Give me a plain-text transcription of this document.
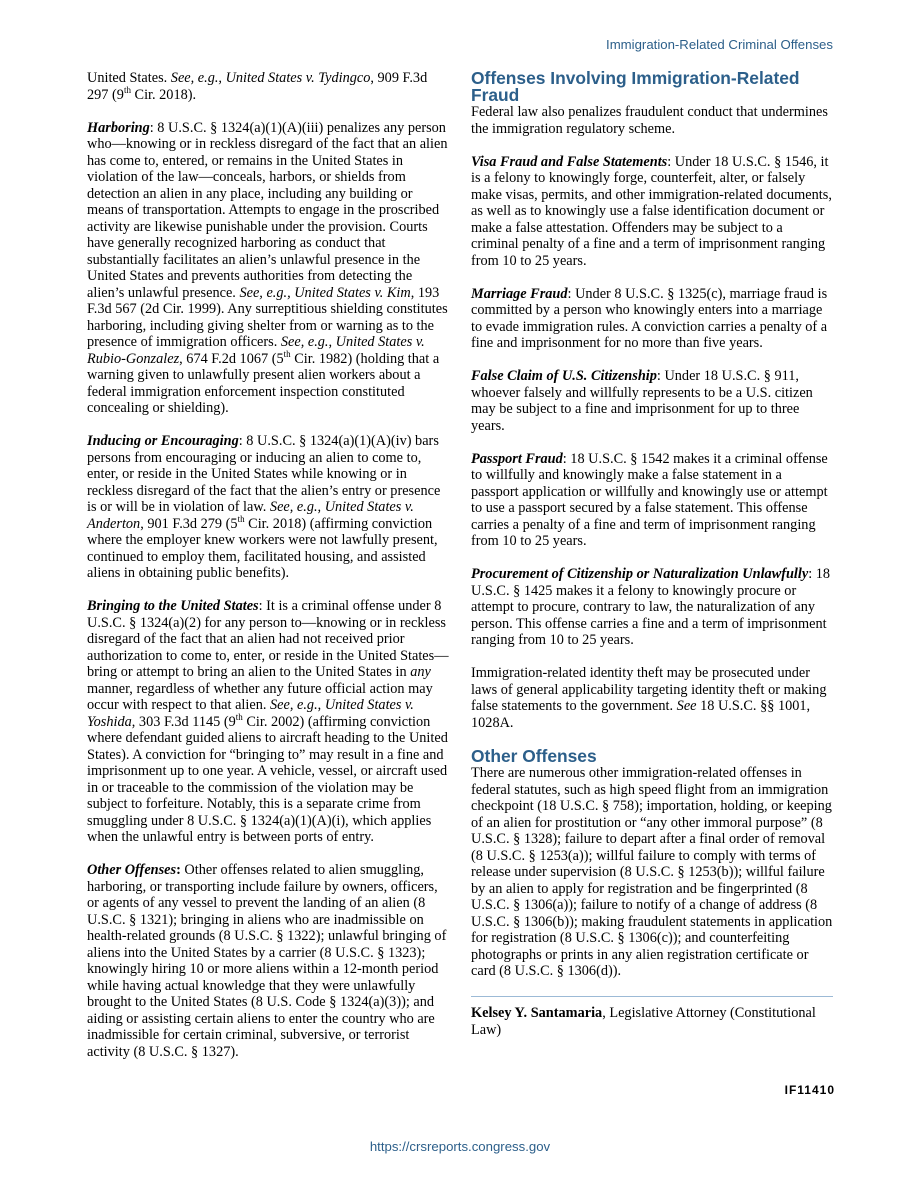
Immigration-Related Criminal Offenses

United States. See, e.g., United States v. Tydingco, 909 F.3d 297 (9th Cir. 2018).

Harboring: 8 U.S.C. § 1324(a)(1)(A)(iii) penalizes any person who—knowing or in reckless disregard of the fact that an alien has come to, entered, or remains in the United States in violation of the law—conceals, harbors, or shields from detection an alien in any place, including any building or means of transportation. Attempts to engage in the proscribed activity are likewise punishable under the provision. Courts have generally recognized harboring as conduct that substantially facilitates an alien’s unlawful presence in the United States and prevents authorities from detecting the alien’s unlawful presence. See, e.g., United States v. Kim, 193 F.3d 567 (2d Cir. 1999). Any surreptitious shielding constitutes harboring, including giving shelter from or warning as to the presence of immigration officers. See, e.g., United States v. Rubio-Gonzalez, 674 F.2d 1067 (5th Cir. 1982) (holding that a warning given to unlawfully present alien workers about a federal immigration enforcement inspection constituted concealing or shielding).

Inducing or Encouraging: 8 U.S.C. § 1324(a)(1)(A)(iv) bars persons from encouraging or inducing an alien to come to, enter, or reside in the United States while knowing or in reckless disregard of the fact that the alien’s entry or presence is or will be in violation of law. See, e.g., United States v. Anderton, 901 F.3d 279 (5th Cir. 2018) (affirming conviction where the employer knew workers were not lawfully present, continued to employ them, facilitated housing, and assisted aliens in obtaining public benefits).

Bringing to the United States: It is a criminal offense under 8 U.S.C. § 1324(a)(2) for any person to—knowing or in reckless disregard of the fact that an alien had not received prior authorization to come to, enter, or reside in the United States—bring or attempt to bring an alien to the United States in any manner, regardless of whether any future official action may occur with respect to that alien. See, e.g., United States v. Yoshida, 303 F.3d 1145 (9th Cir. 2002) (affirming conviction where defendant guided aliens to aircraft heading to the United States). A conviction for “bringing to” may result in a fine and imprisonment up to one year. A vehicle, vessel, or aircraft used in or traceable to the commission of the violation may be subject to forfeiture. Notably, this is a separate crime from smuggling under 8 U.S.C. § 1324(a)(1)(A)(i), which applies when the unlawful entry is between ports of entry.

Other Offenses: Other offenses related to alien smuggling, harboring, or transporting include failure by owners, officers, or agents of any vessel to prevent the landing of an alien (8 U.S.C. § 1321); bringing in aliens who are inadmissible on health-related grounds (8 U.S.C. § 1322); unlawful bringing of aliens into the United States by a carrier (8 U.S.C. § 1323); knowingly hiring 10 or more aliens within a 12-month period while having actual knowledge that they were unlawfully brought to the United States (8 U.S. Code § 1324(a)(3)); and aiding or assisting certain aliens to enter the country who are inadmissible for certain criminal, subversive, or terrorist activity (8 U.S.C. § 1327).

Offenses Involving Immigration-Related Fraud

Federal law also penalizes fraudulent conduct that undermines the immigration regulatory scheme.

Visa Fraud and False Statements: Under 18 U.S.C. § 1546, it is a felony to knowingly forge, counterfeit, alter, or falsely make visas, permits, and other immigration-related documents, as well as to knowingly use a false identification document or make a false attestation. Offenders may be subject to a criminal penalty of a fine and a term of imprisonment ranging from 10 to 25 years.

Marriage Fraud: Under 8 U.S.C. § 1325(c), marriage fraud is committed by a person who knowingly enters into a marriage to evade immigration rules. A conviction carries a penalty of a fine and imprisonment for no more than five years.

False Claim of U.S. Citizenship: Under 18 U.S.C. § 911, whoever falsely and willfully represents to be a U.S. citizen may be subject to a fine and imprisonment for up to three years.

Passport Fraud: 18 U.S.C. § 1542 makes it a criminal offense to willfully and knowingly make a false statement in a passport application or willfully and knowingly use or attempt to use a passport secured by a false statement. This offense carries a penalty of a fine and term of imprisonment ranging from 10 to 25 years.

Procurement of Citizenship or Naturalization Unlawfully: 18 U.S.C. § 1425 makes it a felony to knowingly procure or attempt to procure, contrary to law, the naturalization of any person. This offense carries a fine and a term of imprisonment ranging from 10 to 25 years.

Immigration-related identity theft may be prosecuted under laws of general applicability targeting identity theft or making false statements to the government. See 18 U.S.C. §§ 1001, 1028A.

Other Offenses

There are numerous other immigration-related offenses in federal statutes, such as high speed flight from an immigration checkpoint (18 U.S.C. § 758); importation, holding, or keeping of an alien for prostitution or “any other immoral purpose” (8 U.S.C. § 1328); failure to depart after a final order of removal (8 U.S.C. § 1253(a)); willful failure to comply with terms of release under supervision (8 U.S.C. § 1253(b)); willful failure by an alien to apply for registration and be fingerprinted (8 U.S.C. § 1306(a)); failure to notify of a change of address (8 U.S.C. § 1306(b)); making fraudulent statements in application for registration (8 U.S.C. § 1306(c)); and counterfeiting photographs or prints in any alien registration certificate or card (8 U.S.C. § 1306(d)).

Kelsey Y. Santamaria, Legislative Attorney (Constitutional Law)

IF11410
https://crsreports.congress.gov
